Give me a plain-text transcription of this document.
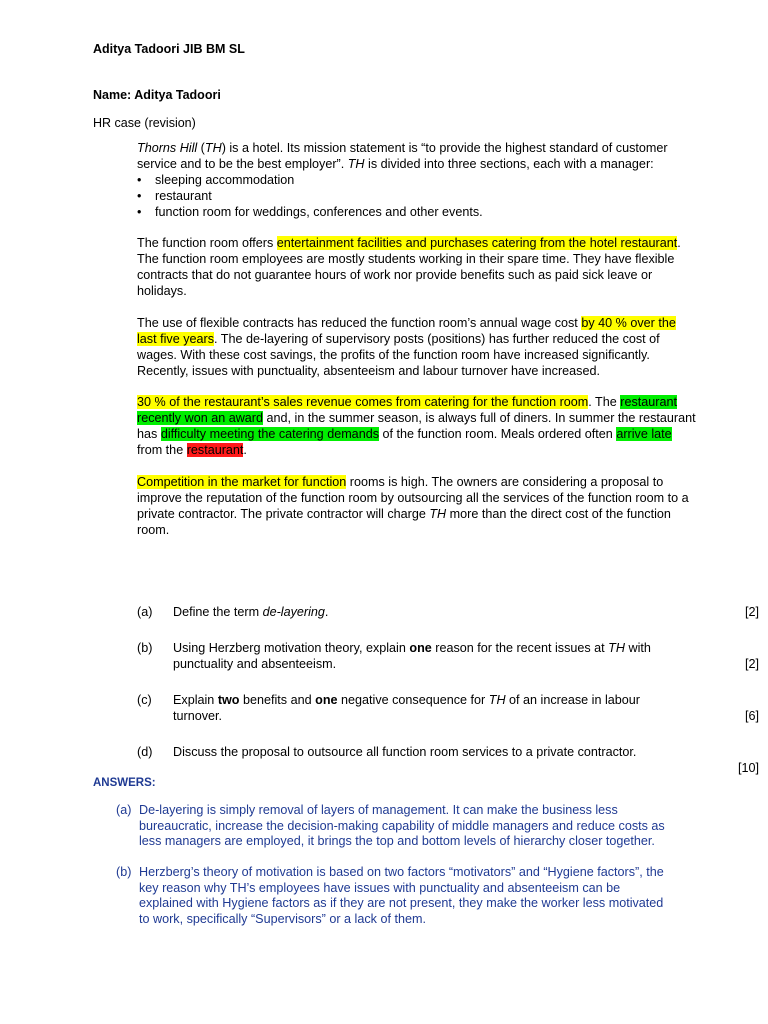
Aditya Tadoori JIB BM SL
Name: Aditya Tadoori
HR case (revision)

Thorns Hill (TH) is a hotel. Its mission statement is “to provide the highest standard of customer service and to be the best employer”. TH is divided into three sections, each with a manager:

• sleeping accommodation
• restaurant
• function room for weddings, conferences and other events.

The function room offers entertainment facilities and purchases catering from the hotel restaurant. The function room employees are mostly students working in their spare time. They have flexible contracts that do not guarantee hours of work nor provide benefits such as paid sick leave or holidays.

The use of flexible contracts has reduced the function room’s annual wage cost by 40 % over the last five years. The de-layering of supervisory posts (positions) has further reduced the cost of wages. With these cost savings, the profits of the function room have increased significantly. Recently, issues with punctuality, absenteeism and labour turnover have increased.

30 % of the restaurant’s sales revenue comes from catering for the function room. The restaurant recently won an award and, in the summer season, is always full of diners. In summer the restaurant has difficulty meeting the catering demands of the function room. Meals ordered often arrive late from the restaurant.

Competition in the market for function rooms is high. The owners are considering a proposal to improve the reputation of the function room by outsourcing all the services of the function room to a private contractor. The private contractor will charge TH more than the direct cost of the function room.

(a) Define the term de-layering.	[2]
(b) Using Herzberg motivation theory, explain one reason for the recent issues at TH with punctuality and absenteeism.	[2]
(c) Explain two benefits and one negative consequence for TH of an increase in labour turnover.	[6]
(d) Discuss the proposal to outsource all function room services to a private contractor.
[10]
ANSWERS:
(a) De-layering is simply removal of layers of management. It can make the business less bureaucratic, increase the decision-making capability of middle managers and reduce costs as less managers are employed, it brings the top and bottom levels of hierarchy closer together.
(b) Herzberg’s theory of motivation is based on two factors “motivators” and “Hygiene factors”, the key reason why TH’s employees have issues with punctuality and absenteeism can be explained with Hygiene factors as if they are not present, they make the worker less motivated to work, specifically “Supervisors” or a lack of them.
